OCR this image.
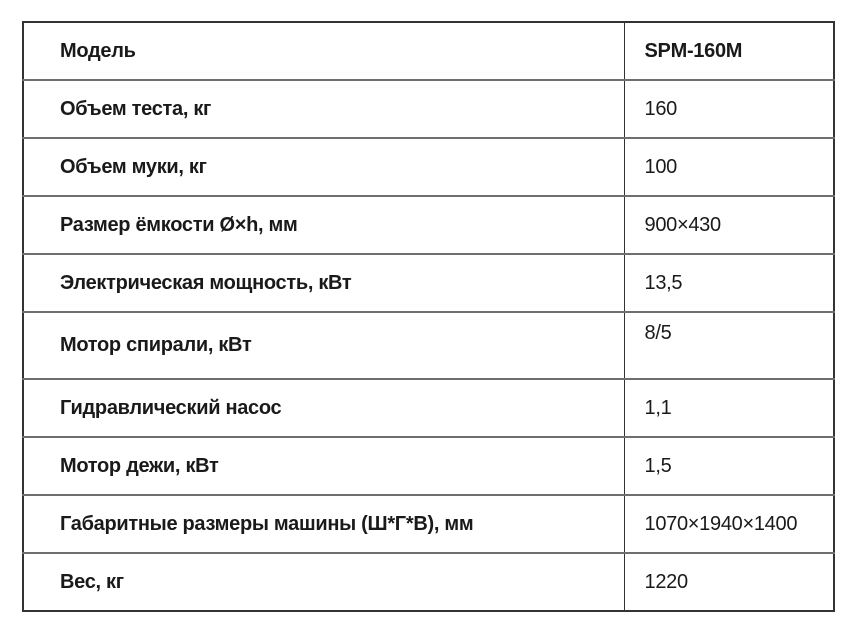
Модель	SPM-160M
Объем теста, кг	160
Объем муки, кг	100
Размер ёмкости Ø×h, мм	900×430
Электрическая мощность, кВт	13,5
Мотор спирали, кВт	8/5
Гидравлический насос	1,1
Мотор дежи, кВт	1,5
Габаритные размеры машины (Ш*Г*В), мм	1070×1940×1400
Вес, кг	1220
